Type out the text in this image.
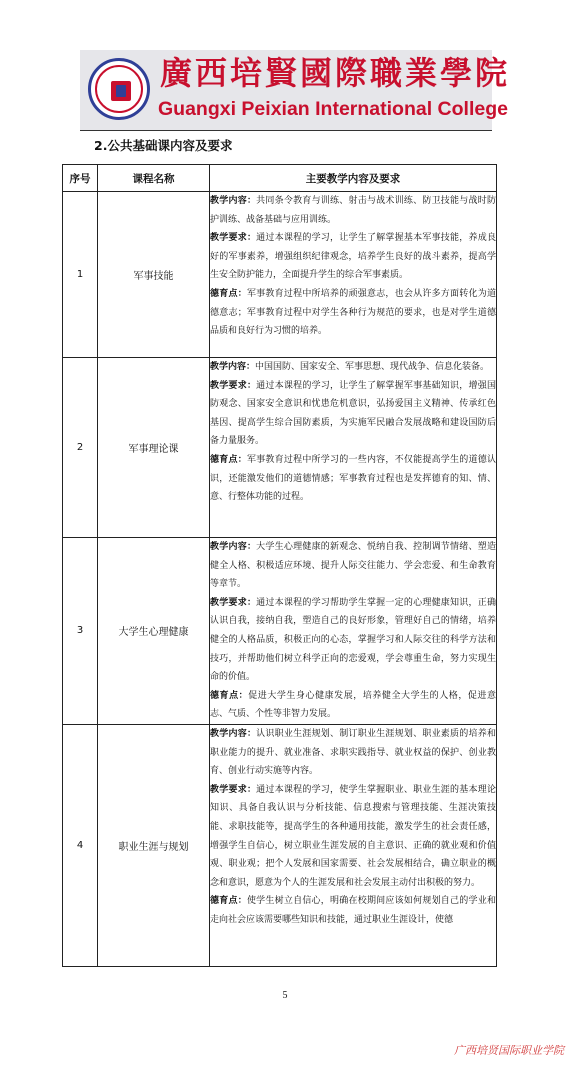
廣西培賢國際職業學院
Guangxi Peixian International College
2.公共基础课内容及要求
序号	课程名称	主要教学内容及要求
1	军事技能	教学内容：共同条令教育与训练、射击与战术训练、防卫技能与战时防护训练、战备基础与应用训练。
教学要求：通过本课程的学习，让学生了解掌握基本军事技能，养成良好的军事素养，增强组织纪律观念，培养学生良好的战斗素养，提高学生安全防护能力，全面提升学生的综合军事素质。
德育点：军事教育过程中所培养的顽强意志，也会从许多方面转化为道德意志；军事教育过程中对学生各种行为规范的要求，也是对学生道德品质和良好行为习惯的培养。

2	军事理论课	教学内容：中国国防、国家安全、军事思想、现代战争、信息化装备。
教学要求：通过本课程的学习，让学生了解掌握军事基础知识，增强国防观念、国家安全意识和忧患危机意识，弘扬爱国主义精神、传承红色基因、提高学生综合国防素质，为实施军民融合发展战略和建设国防后备力量服务。
德育点：军事教育过程中所学习的一些内容，不仅能提高学生的道德认识，还能激发他们的道德情感；军事教育过程也是发挥德育的知、情、意、行整体功能的过程。

3	大学生心理健康	教学内容：大学生心理健康的新观念、悦纳自我、控制调节情绪、塑造健全人格、积极适应环境、提升人际交往能力、学会恋爱、和生命教育等章节。
教学要求：通过本课程的学习帮助学生掌握一定的心理健康知识，正确认识自我，接纳自我，塑造自己的良好形象，管理好自己的情绪，培养健全的人格品质，积极正向的心态，掌握学习和人际交往的科学方法和技巧，并帮助他们树立科学正向的恋爱观，学会尊重生命，努力实现生命的价值。
德育点：促进大学生身心健康发展，培养健全大学生的人格，促进意志、气质、个性等非智力发展。

4	职业生涯与规划	教学内容：认识职业生涯规划、制订职业生涯规划、职业素质的培养和职业能力的提升、就业准备、求职实践指导、就业权益的保护、创业教育、创业行动实施等内容。
教学要求：通过本课程的学习，使学生掌握职业、职业生涯的基本理论知识、具备自我认识与分析技能、信息搜索与管理技能、生涯决策技能、求职技能等，提高学生的各种通用技能，激发学生的社会责任感，增强学生自信心，树立职业生涯发展的自主意识、正确的就业观和价值观、职业观；把个人发展和国家需要、社会发展相结合，确立职业的概念和意识，愿意为个人的生涯发展和社会发展主动付出积极的努力。
德育点：使学生树立自信心，明确在校期间应该如何规划自己的学业和走向社会应该需要哪些知识和技能，通过职业生涯设计，使德
5
广西培贤国际职业学院
